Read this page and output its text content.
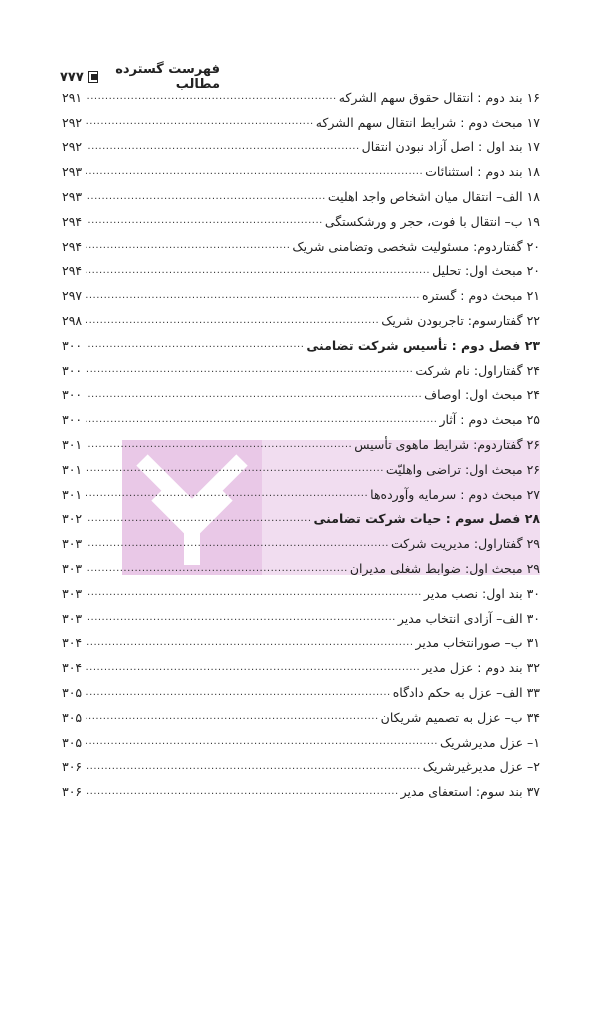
فهرست گسترده مطالب
۷۷۷
۱۶ بند دوم : انتقال حقوق سهم الشرکه
.....
۲۹۱
۱۷ مبحث دوم : شرایط انتقال سهم الشرکه
.....
۲۹۲
۱۷ بند اول : اصل آزاد نبودن انتقال
.....
۲۹۲
۱۸ بند دوم : استثنائات
.....
۲۹۳
۱۸ الف– انتقال میان اشخاص واجد اهلیت
.....
۲۹۳
۱۹ ب– انتقال با فوت، حجر و ورشکستگی
.....
۲۹۴
۲۰ گفتاردوم: مسئولیت شخصی وتضامنی شریک
.....
۲۹۴
۲۰ مبحث اول: تحلیل
.....
۲۹۴
۲۱ مبحث دوم : گستره
.....
۲۹۷
۲۲ گفتارسوم: تاجربودن شریک
.....
۲۹۸
۲۳ فصل دوم : تأسیس شرکت تضامنی
.....
۳۰۰
۲۴ گفتاراول: نام شرکت
.....
۳۰۰
۲۴ مبحث اول: اوصاف
.....
۳۰۰
۲۵ مبحث دوم : آثار
.....
۳۰۰
۲۶ گفتاردوم: شرایط ماهوی تأسیس
.....
۳۰۱
۲۶ مبحث اول: تراضی واهلیّت
.....
۳۰۱
۲۷ مبحث دوم : سرمایه وآورده‌ها
.....
۳۰۱
۲۸ فصل سوم : حیات شرکت تضامنی
.....
۳۰۲
۲۹ گفتاراول: مدیریت شرکت
.....
۳۰۳
۲۹ مبحث اول: ضوابط شغلی مدیران
.....
۳۰۳
۳۰ بند اول: نصب مدیر
.....
۳۰۳
۳۰ الف– آزادی انتخاب مدیر
.....
۳۰۳
۳۱ ب– صورانتخاب مدیر
.....
۳۰۴
۳۲ بند دوم : عزل مدیر
.....
۳۰۴
۳۳ الف– عزل به حکم دادگاه
.....
۳۰۵
۳۴ ب– عزل به تصمیم شریکان
.....
۳۰۵
۱– عزل مدیرشریک
.....
۳۰۵
۲– عزل مدیرغیرشریک
.....
۳۰۶
۳۷ بند سوم: استعفای مدیر
.....
۳۰۶
